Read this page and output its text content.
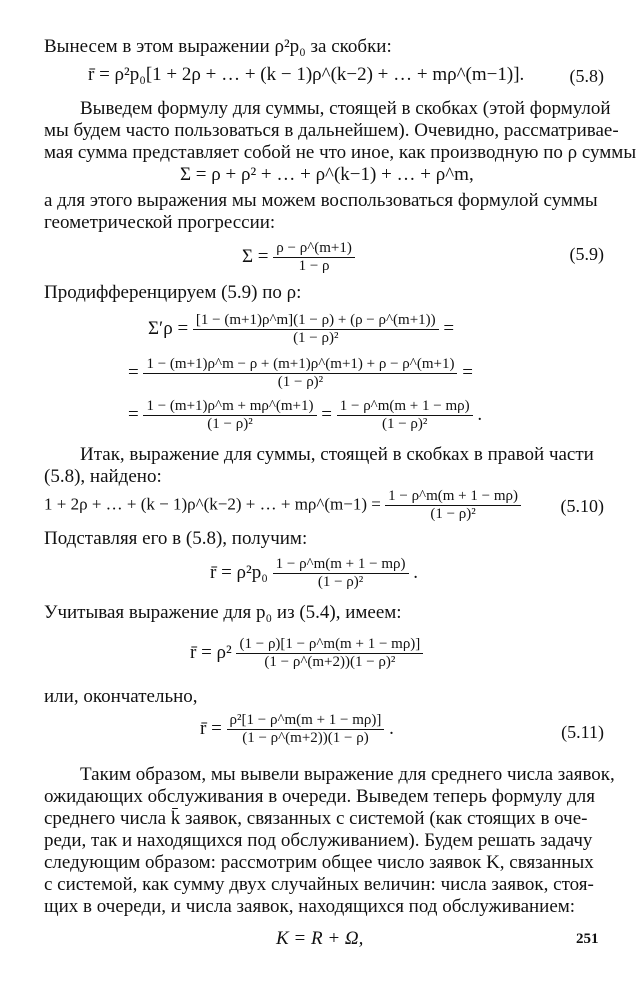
Вынесем в этом выражении ρ²p₀ за скобки:
r̄ = ρ²p₀[1 + 2ρ + … + (k − 1)ρ^(k−2) + … + mρ^(m−1)].	(5.8)
Выведем формулу для суммы, стоящей в скобках (этой формулой
мы будем часто пользоваться в дальнейшем). Очевидно, рассматривае-
мая сумма представляет собой не что иное, как производную по ρ суммы
Σ = ρ + ρ² + … + ρ^(k−1) + … + ρ^m,
а для этого выражения мы можем воспользоваться формулой суммы
геометрической прогрессии:
$\Sigma = \frac{\rho - \rho\^{}(m+1)}{1 - \rho}$	(5.9)
Продифференцируем (5.9) по ρ:
$\Sigma'\rho = \frac{[1 - (m+1)\rho\^{}m](1 - \rho) + (\rho - \rho\^{}(m+1))}{\text{(1 − ρ)²}}$ =
= $\frac{1 - (m+1)\rho\^{}m - \rho + (m+1)\rho\^{}(m+1) + \rho - \rho\^{}(m+1)}{\text{(1 − ρ)²}}$ =
= $\frac{1 - (m+1)\rho\^{}m + m\rho\^{}(m+1)}{\text{(1 − ρ)²}} = \frac{1 - \rho\^{}m(m + 1 - m\rho)}{\text{(1 − ρ)²}}$ .
Итак, выражение для суммы, стоящей в скобках в правой части
(5.8), найдено:
1 + 2ρ + … + (k − 1)ρ^(k−2) + … + mρ^(m−1) = $\frac{1 - \rho\^{}m(m + 1 - m\rho)}{\text{(1 − ρ)²}} (5.10)$
Подставляя его в (5.8), получим:
r̄ = $\rho^2p_0 \frac{1 - \rho\^{}m(m + 1 - m\rho)}{\text{(1 − ρ)²}}$ .
Учитывая выражение для p₀ из (5.4), имеем:
r̄ = $\rho^2 \frac{(1 - \rho)[1 - \rho\^{}m(m + 1 - m\rho)]}{\text{(1 − ρ\textasciicircum{}(m+2))(1 − ρ)²}}$
или, окончательно,
r̄ = $\frac{\text{ρ²[1 − ρ\textasciicircum{}m(m + 1 − mρ)]}}{(1 - \rho\^{}(m+2))(1 - \rho)}$ .	(5.11)
Таким образом, мы вывели выражение для среднего числа заявок,
ожидающих обслуживания в очереди. Выведем теперь формулу для
среднего числа k̄ заявок, связанных с системой (как стоящих в оче-
реди, так и находящихся под обслуживанием). Будем решать задачу
следующим образом: рассмотрим общее число заявок K, связанных
с системой, как сумму двух случайных величин: числа заявок, стоя-
щих в очереди, и числа заявок, находящихся под обслуживанием:
K = R + Ω,	251
